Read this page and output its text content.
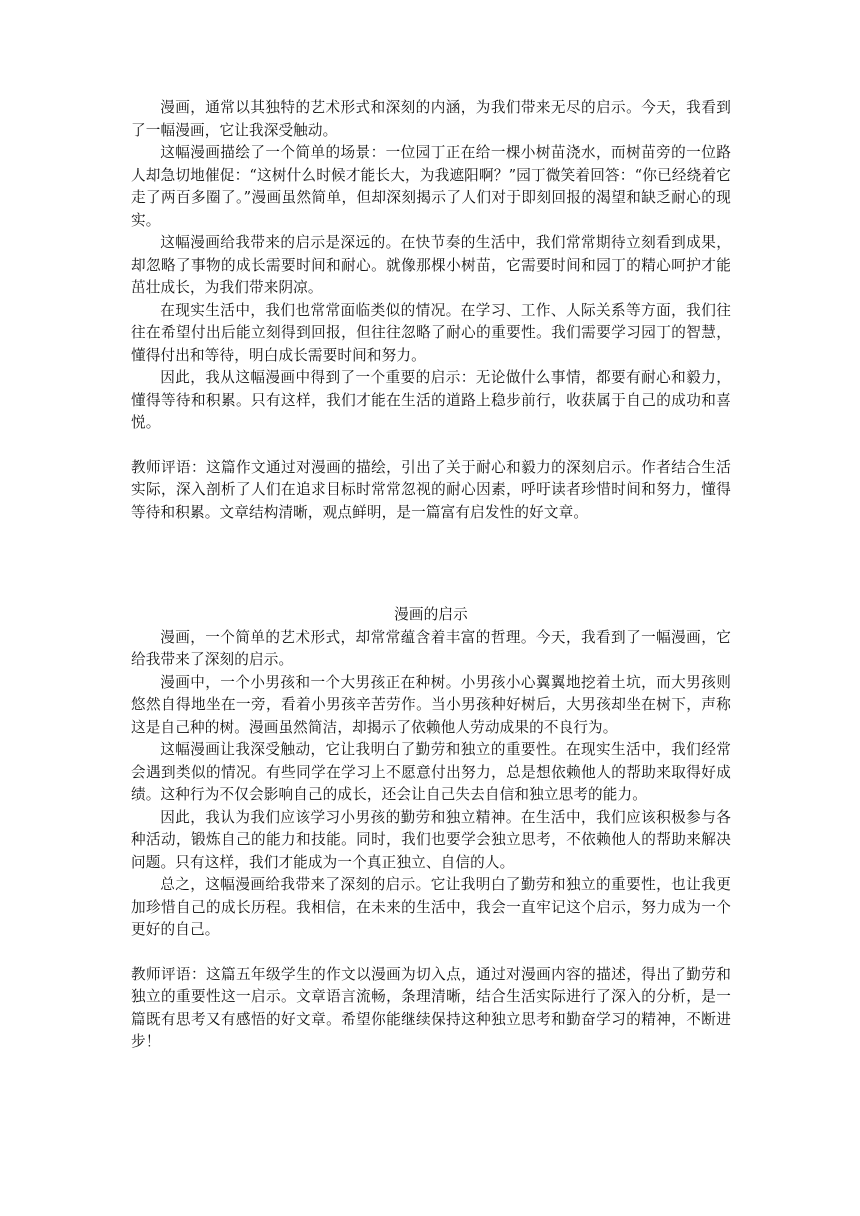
漫画，通常以其独特的艺术形式和深刻的内涵，为我们带来无尽的启示。今天，我看到了一幅漫画，它让我深受触动。

这幅漫画描绘了一个简单的场景：一位园丁正在给一棵小树苗浇水，而树苗旁的一位路人却急切地催促：“这树什么时候才能长大，为我遮阳啊？”园丁微笑着回答：“你已经绕着它走了两百多圈了。”漫画虽然简单，但却深刻揭示了人们对于即刻回报的渴望和缺乏耐心的现实。

这幅漫画给我带来的启示是深远的。在快节奏的生活中，我们常常期待立刻看到成果，却忽略了事物的成长需要时间和耐心。就像那棵小树苗，它需要时间和园丁的精心呵护才能茁壮成长，为我们带来阴凉。

在现实生活中，我们也常常面临类似的情况。在学习、工作、人际关系等方面，我们往往在希望付出后能立刻得到回报，但往往忽略了耐心的重要性。我们需要学习园丁的智慧，懂得付出和等待，明白成长需要时间和努力。

因此，我从这幅漫画中得到了一个重要的启示：无论做什么事情，都要有耐心和毅力，懂得等待和积累。只有这样，我们才能在生活的道路上稳步前行，收获属于自己的成功和喜悦。

教师评语：这篇作文通过对漫画的描绘，引出了关于耐心和毅力的深刻启示。作者结合生活实际，深入剖析了人们在追求目标时常常忽视的耐心因素，呼吁读者珍惜时间和努力，懂得等待和积累。文章结构清晰，观点鲜明，是一篇富有启发性的好文章。

漫画的启示

漫画，一个简单的艺术形式，却常常蕴含着丰富的哲理。今天，我看到了一幅漫画，它给我带来了深刻的启示。

漫画中，一个小男孩和一个大男孩正在种树。小男孩小心翼翼地挖着土坑，而大男孩则悠然自得地坐在一旁，看着小男孩辛苦劳作。当小男孩种好树后，大男孩却坐在树下，声称这是自己种的树。漫画虽然简洁，却揭示了依赖他人劳动成果的不良行为。

这幅漫画让我深受触动，它让我明白了勤劳和独立的重要性。在现实生活中，我们经常会遇到类似的情况。有些同学在学习上不愿意付出努力，总是想依赖他人的帮助来取得好成绩。这种行为不仅会影响自己的成长，还会让自己失去自信和独立思考的能力。

因此，我认为我们应该学习小男孩的勤劳和独立精神。在生活中，我们应该积极参与各种活动，锻炼自己的能力和技能。同时，我们也要学会独立思考，不依赖他人的帮助来解决问题。只有这样，我们才能成为一个真正独立、自信的人。

总之，这幅漫画给我带来了深刻的启示。它让我明白了勤劳和独立的重要性，也让我更加珍惜自己的成长历程。我相信，在未来的生活中，我会一直牢记这个启示，努力成为一个更好的自己。

教师评语：这篇五年级学生的作文以漫画为切入点，通过对漫画内容的描述，得出了勤劳和独立的重要性这一启示。文章语言流畅，条理清晰，结合生活实际进行了深入的分析，是一篇既有思考又有感悟的好文章。希望你能继续保持这种独立思考和勤奋学习的精神，不断进步！
